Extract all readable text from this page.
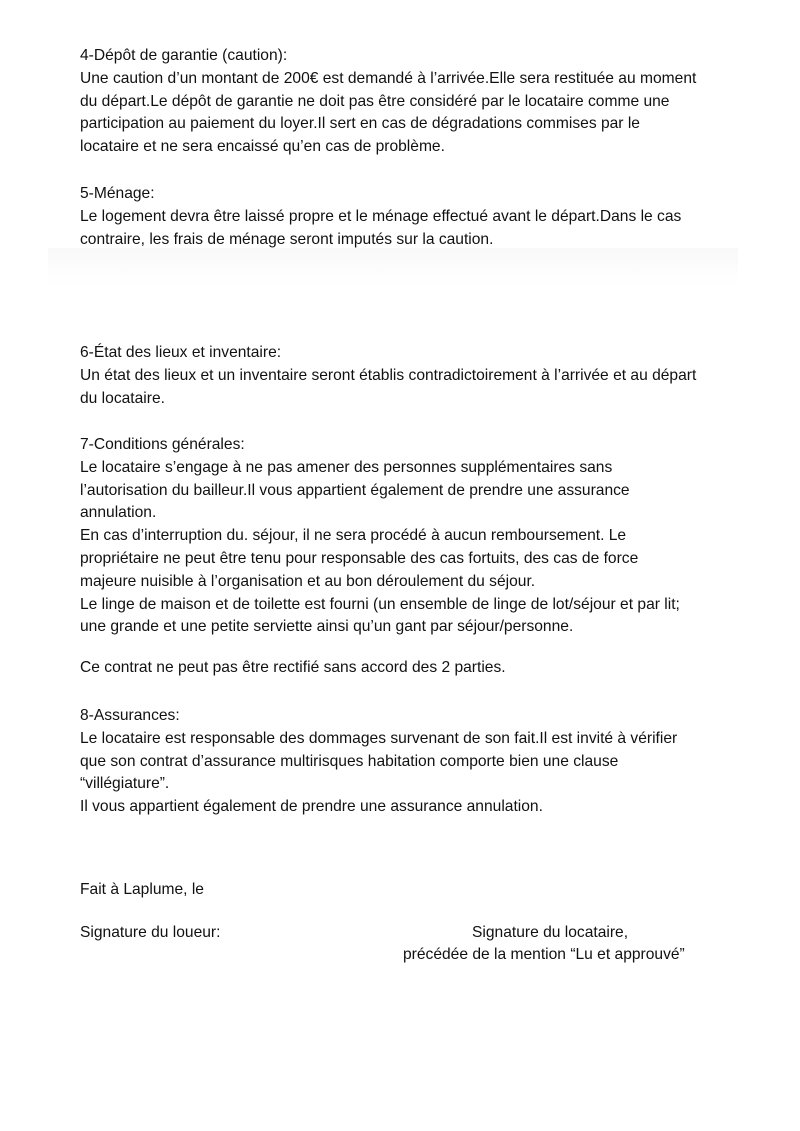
4-Dépôt de garantie (caution):
Une caution d’un montant de 200€ est demandé à l’arrivée.Elle sera restituée au moment
du départ.Le dépôt de garantie ne doit pas être considéré par le locataire comme une
participation au paiement du loyer.Il sert en cas de dégradations commises par le
locataire et ne sera encaissé qu’en cas de problème.
5-Ménage:
Le logement devra être laissé propre et le ménage effectué avant le départ.Dans le cas
contraire, les frais de ménage seront imputés sur la caution.
6-État des lieux et inventaire:
Un état des lieux et un inventaire seront établis contradictoirement à l’arrivée et au départ
du locataire.
7-Conditions générales:
Le locataire s’engage à ne pas amener des personnes supplémentaires sans
l’autorisation du bailleur.Il vous appartient également de prendre une assurance
annulation.
En cas d’interruption du. séjour, il ne sera procédé à aucun remboursement. Le
propriétaire ne peut être tenu pour responsable des cas fortuits, des cas de force
majeure nuisible à l’organisation et au bon déroulement du séjour.
Le linge de maison et de toilette est fourni (un ensemble de linge de lot/séjour et par lit;
une grande et une petite serviette ainsi qu’un gant par séjour/personne.
Ce contrat ne peut pas être rectifié sans accord des 2 parties.
8-Assurances:
Le locataire est responsable des dommages survenant de son fait.Il est invité à vérifier
que son contrat d’assurance multirisques habitation comporte bien une clause
“villégiature”.
Il vous appartient également de prendre une assurance annulation.
Fait à Laplume, le
Signature du loueur:	Signature du locataire,
précédée de la mention “Lu et approuvé”
